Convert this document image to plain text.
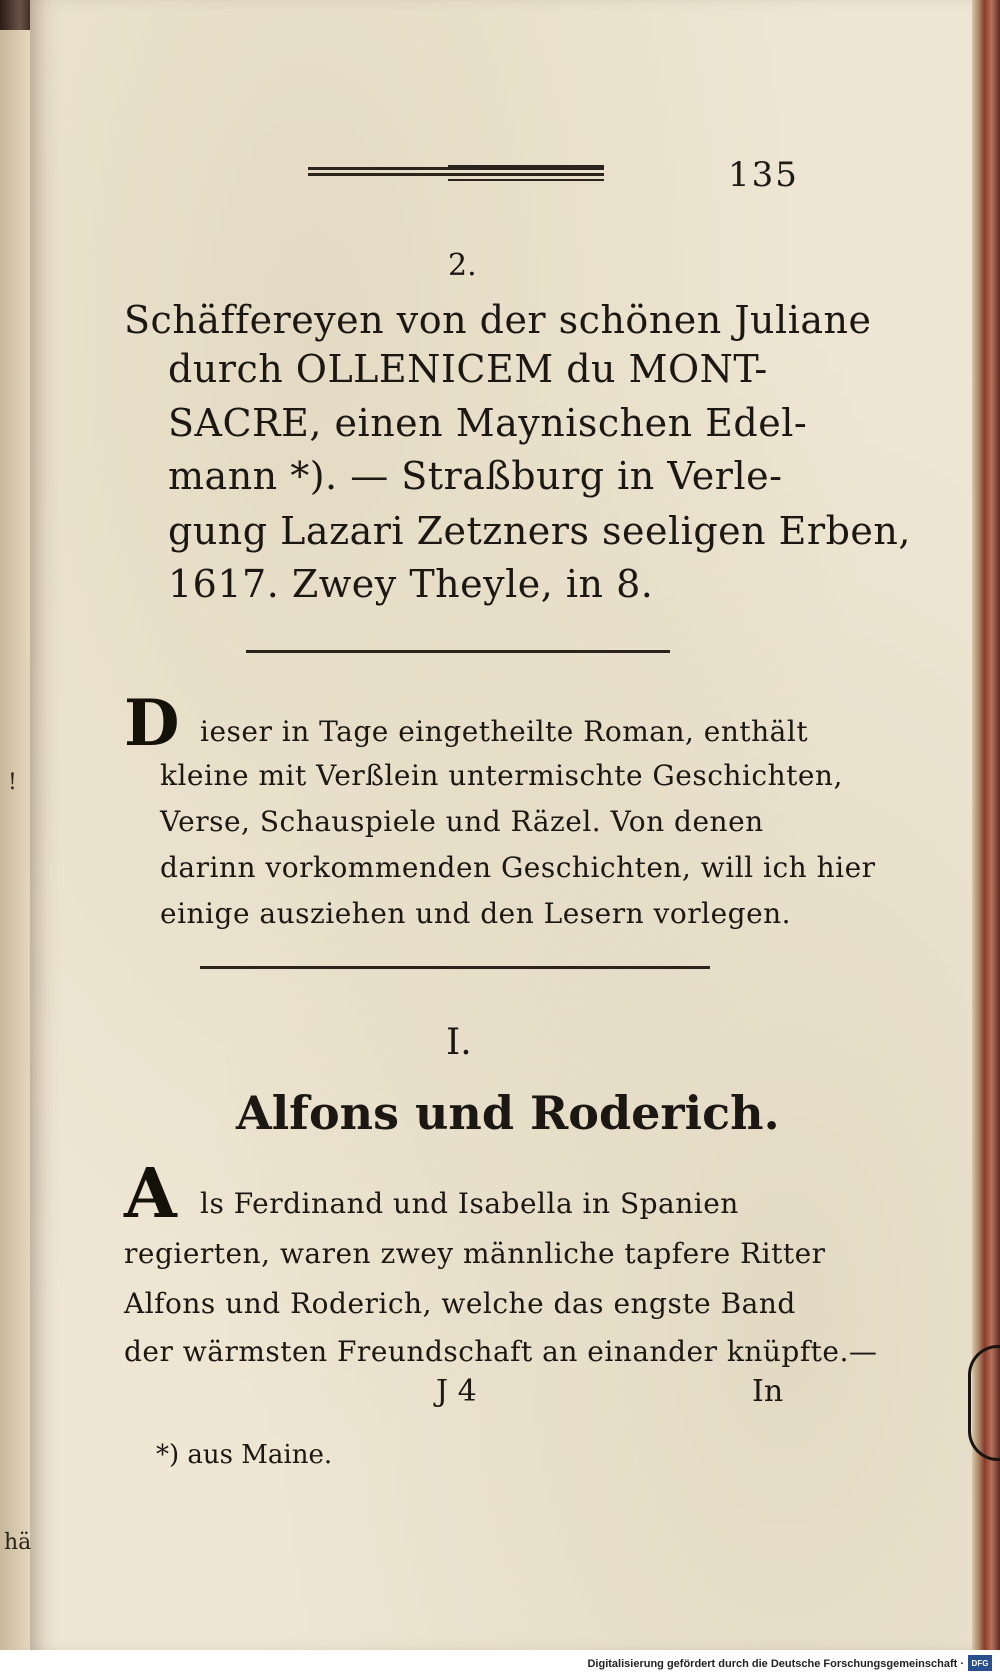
!
hä
135

2.

Schäffereyen von der schönen Juliane

durch OLLENICEM du MONT-

SACRE, einen Maynischen Edel-

mann *). — Straßburg in Verle-

gung Lazari Zetzners seeligen Erben,

1617. Zwey Theyle, in 8.

D ieser in Tage eingetheilte Roman, enthält

kleine mit Verßlein untermischte Geschichten,

Verse, Schauspiele und Räzel. Von denen

darinn vorkommenden Geschichten, will ich hier

einige ausziehen und den Lesern vorlegen.

I.

Alfons und Roderich.

A ls Ferdinand und Isabella in Spanien

regierten, waren zwey männliche tapfere Ritter

Alfons und Roderich, welche das engste Band

der wärmsten Freundschaft an einander knüpfte.—

J 4	In

*) aus Maine.

Digitalisierung gefördert durch die Deutsche Forschungsgemeinschaft · DFG
